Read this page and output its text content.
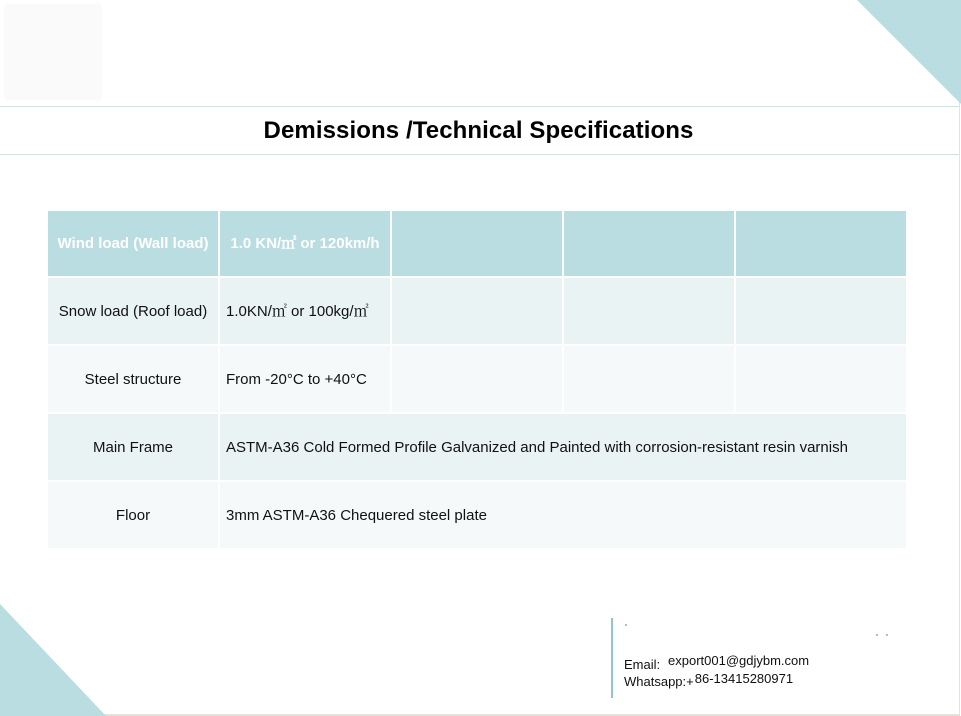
Demissions /Technical Specifications
Wind load (Wall load)	1.0 KN/㎡ or 120km/h			
Snow load (Roof load)	1.0KN/㎡ or 100kg/㎡			
Steel structure	From -20°C to +40°C			
Main Frame	ASTM-A36 Cold Formed Profile Galvanized and Painted with corrosion-resistant resin varnish			
Floor	3mm ASTM-A36 Chequered steel plate			
Email: export001@gdjybm.com
Whatsapp:+ 86-13415280971
